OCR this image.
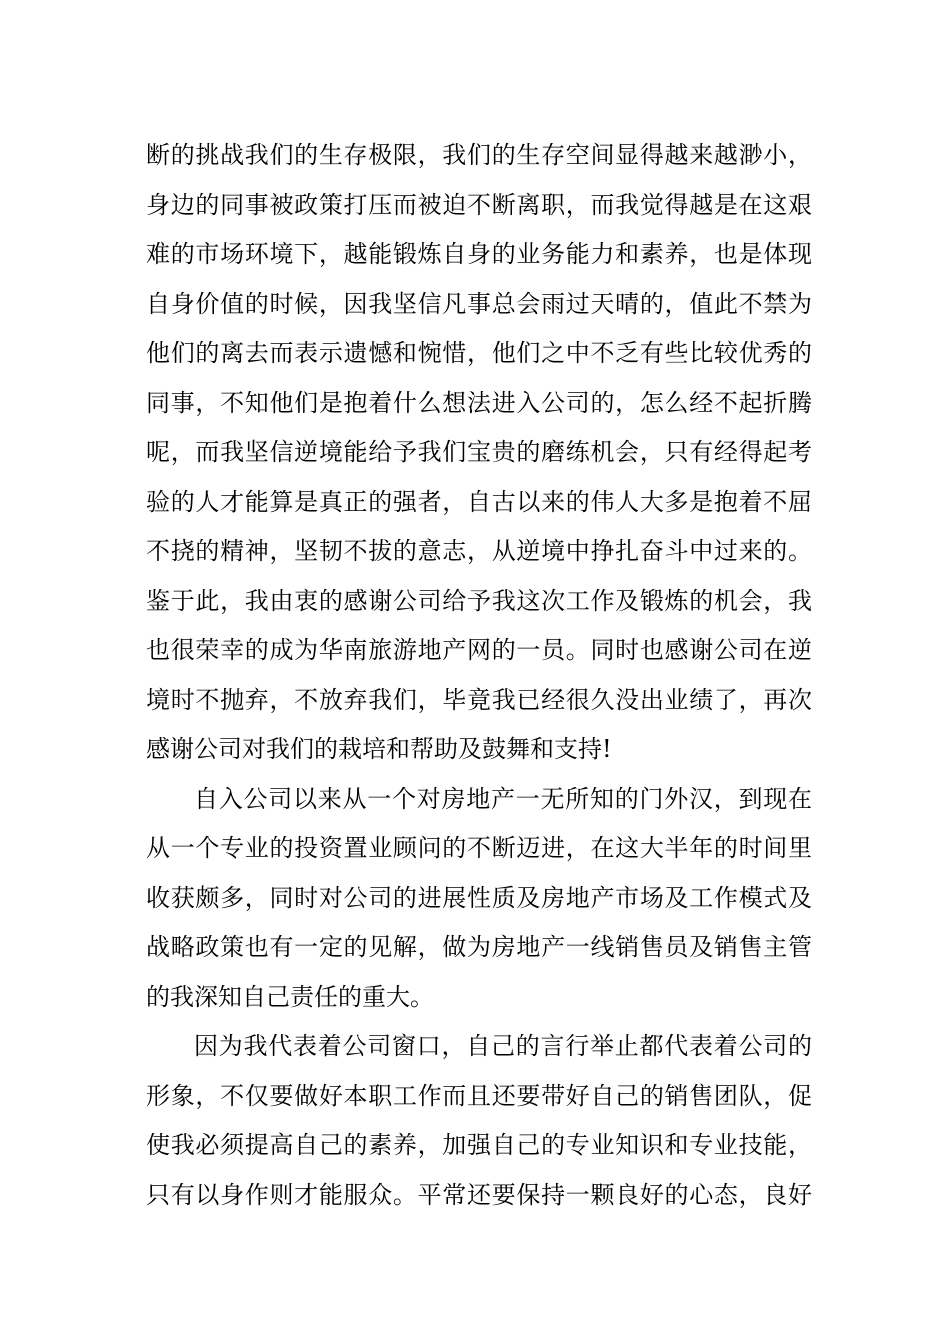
断的挑战我们的生存极限，我们的生存空间显得越来越渺小，
身边的同事被政策打压而被迫不断离职，而我觉得越是在这艰
难的市场环境下，越能锻炼自身的业务能力和素养，也是体现
自身价值的时候，因我坚信凡事总会雨过天晴的，值此不禁为
他们的离去而表示遗憾和惋惜，他们之中不乏有些比较优秀的
同事，不知他们是抱着什么想法进入公司的，怎么经不起折腾
呢，而我坚信逆境能给予我们宝贵的磨练机会，只有经得起考
验的人才能算是真正的强者，自古以来的伟人大多是抱着不屈
不挠的精神，坚韧不拔的意志，从逆境中挣扎奋斗中过来的。
鉴于此，我由衷的感谢公司给予我这次工作及锻炼的机会，我
也很荣幸的成为华南旅游地产网的一员。同时也感谢公司在逆
境时不抛弃，不放弃我们，毕竟我已经很久没出业绩了，再次
感谢公司对我们的栽培和帮助及鼓舞和支持!

自入公司以来从一个对房地产一无所知的门外汉，到现在
从一个专业的投资置业顾问的不断迈进，在这大半年的时间里
收获颇多，同时对公司的进展性质及房地产市场及工作模式及
战略政策也有一定的见解，做为房地产一线销售员及销售主管
的我深知自己责任的重大。

因为我代表着公司窗口，自己的言行举止都代表着公司的
形象，不仅要做好本职工作而且还要带好自己的销售团队，促
使我必须提高自己的素养，加强自己的专业知识和专业技能，
只有以身作则才能服众。平常还要保持一颗良好的心态，良好
